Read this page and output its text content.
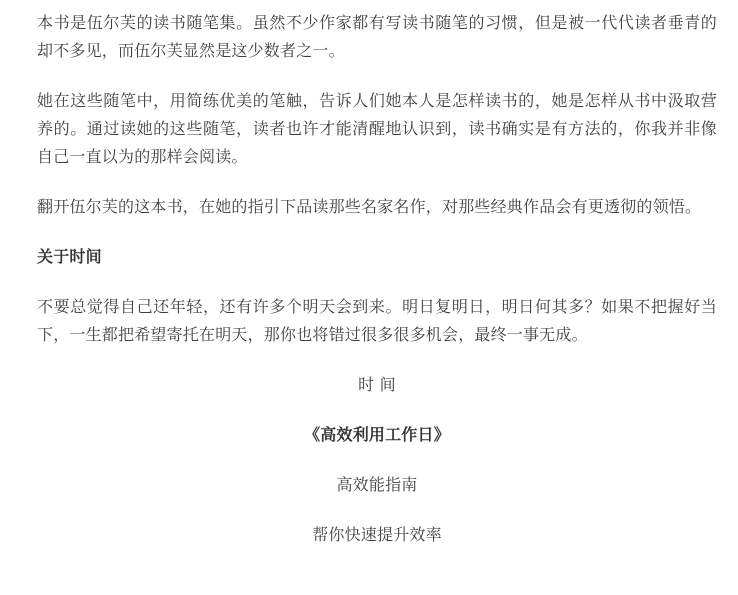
本书是伍尔芙的读书随笔集。虽然不少作家都有写读书随笔的习惯，但是被一代代读者垂青的却不多见，而伍尔芙显然是这少数者之一。

她在这些随笔中，用简练优美的笔触，告诉人们她本人是怎样读书的，她是怎样从书中汲取营养的。通过读她的这些随笔，读者也许才能清醒地认识到，读书确实是有方法的，你我并非像自己一直以为的那样会阅读。

翻开伍尔芙的这本书，在她的指引下品读那些名家名作，对那些经典作品会有更透彻的领悟。

关于时间

不要总觉得自己还年轻，还有许多个明天会到来。明日复明日，明日何其多？如果不把握好当下，一生都把希望寄托在明天，那你也将错过很多很多机会，最终一事无成。

时 间

《高效利用工作日》

高效能指南

帮你快速提升效率
